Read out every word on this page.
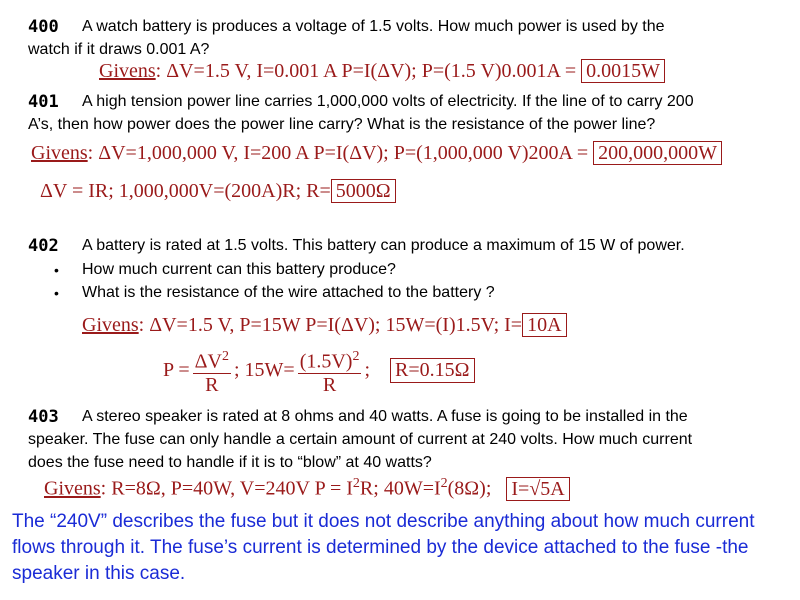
400 A watch battery is produces a voltage of 1.5 volts. How much power is used by the
watch if it draws 0.001 A?
Givens: ΔV=1.5 V, I=0.001 A P=I(ΔV); P=(1.5 V)0.001A = 0.0015W
401 A high tension power line carries 1,000,000 volts of electricity. If the line of to carry 200
A’s, then how power does the power line carry? What is the resistance of the power line?
Givens: ΔV=1,000,000 V, I=200 A P=I(ΔV); P=(1,000,000 V)200A = 200,000,000W
ΔV = IR; 1,000,000V=(200A)R; R= 5000Ω
402 A battery is rated at 1.5 volts. This battery can produce a maximum of 15 W of power.
• How much current can this battery produce?
• What is the resistance of the wire attached to the battery ?
Givens: ΔV=1.5 V, P=15W P=I(ΔV); 15W=(I)1.5V; I= 10A
$P = \frac{\Delta V^2}{R}$ ; $15W= \frac{(1.5V)^2}{R}$ ; R=0.15Ω
403 A stereo speaker is rated at 8 ohms and 40 watts. A fuse is going to be installed in the
speaker. The fuse can only handle a certain amount of current at 240 volts. How much current
does the fuse need to handle if it is to “blow” at 40 watts?
Givens: R=8Ω, P=40W, V=240V $P = I^2R$; $40W=I^2(8\Omega)$; I=√5A
The “240V” describes the fuse but it does not describe anything about how much current flows through it. The fuse’s current is determined by the device attached to the fuse -the speaker in this case.
